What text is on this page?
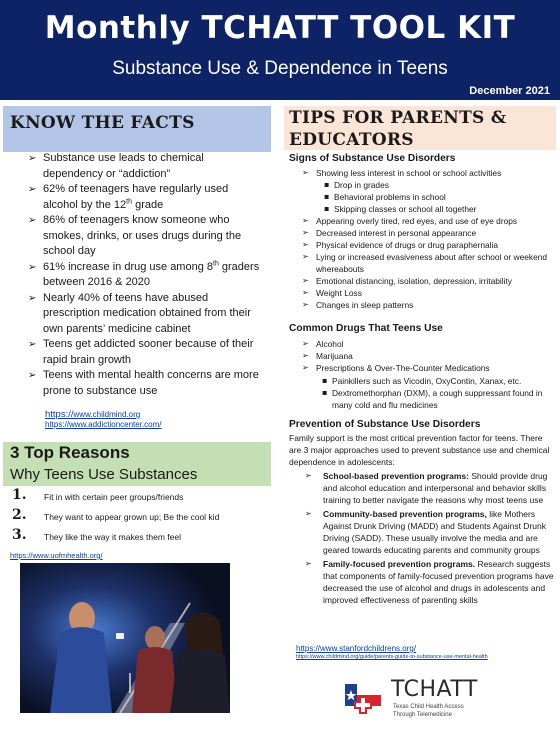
Monthly TCHATT TOOL KIT
Substance Use & Dependence in Teens
December 2021
KNOW THE FACTS
➢ Substance use leads to chemical dependency or “addiction”
➢ 62% of teenagers have regularly used alcohol by the 12th grade
➢ 86% of teenagers know someone who smokes, drinks, or uses drugs during the school day
➢ 61% increase in drug use among 8th graders between 2016 & 2020
➢ Nearly 40% of teens have abused prescription medication obtained from their own parents’ medicine cabinet
➢ Teens get addicted sooner because of their rapid brain growth
➢ Teens with mental health concerns are more prone to substance use
https://www.childmind.org
https://www.addictioncenter.com/
3 Top Reasons
Why Teens Use Substances
1. Fit in with certain peer groups/friends
2. They want to appear grown up; Be the cool kid
3. They like the way it makes them feel
https://www.uofmhealth.org/
TIPS FOR PARENTS &
EDUCATORS
Signs of Substance Use Disorders
➢ Showing less interest in school or school activities
▪ Drop in grades
▪ Behavioral problems in school
▪ Skipping classes or school all together
➢ Appearing overly tired, red eyes, and use of eye drops
➢ Decreased interest in personal appearance
➢ Physical evidence of drugs or drug paraphernalia
➢ Lying or increased evasiveness about after school or weekend whereabouts
➢ Emotional distancing, isolation, depression, irritability
➢ Weight Loss
➢ Changes in sleep patterns
Common Drugs That Teens Use
➢ Alcohol
➢ Marijuana
➢ Prescriptions & Over-The-Counter Medications
▪ Painkillers such as Vicodin, OxyContin, Xanax, etc.
▪ Dextromethorphan (DXM), a cough suppressant found in many cold and flu medicines
Prevention of Substance Use Disorders
Family support is the most critical prevention factor for teens. There are 3 major approaches used to prevent substance use and chemical dependence in adolescents:
➢ School-based prevention programs: Should provide drug and alcohol education and interpersonal and behavior skills training to better navigate the reasons why most teens use
➢ Community-based prevention programs, like Mothers Against Drunk Driving (MADD) and Students Against Drunk Driving (SADD). These usually involve the media and are geared towards educating parents and community groups
➢ Family-focused prevention programs. Research suggests that components of family-focused prevention programs have decreased the use of alcohol and drugs in adolescents and improved effectiveness of parenting skills
https://www.stanfordchildrens.org/
https://www.childmind.org/guide/parents-guide-to-substance-use-mental-health
TCHATT
Texas Child Health Access
Through Telemedicine
